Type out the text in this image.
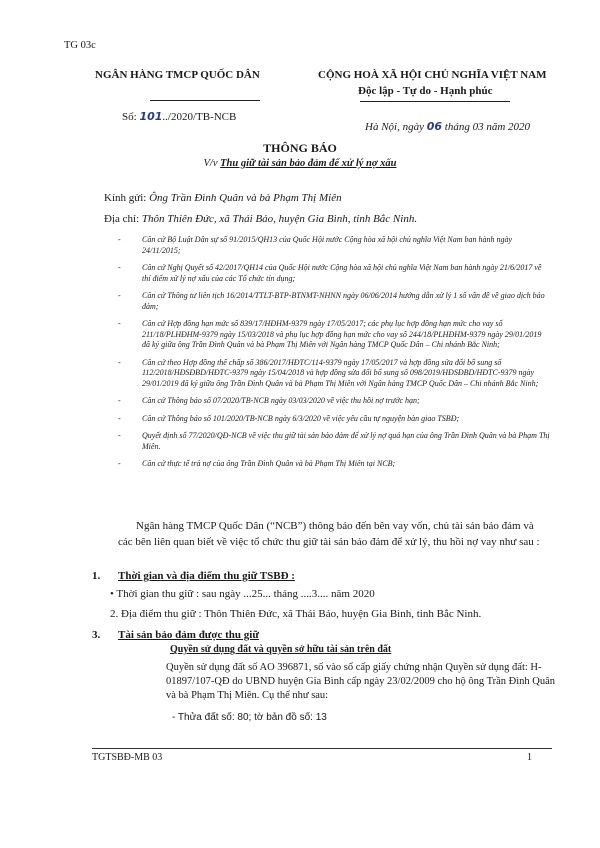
TG 03c
NGÂN HÀNG TMCP QUỐC DÂN	CỘNG HOÀ XÃ HỘI CHỦ NGHĨA VIỆT NAM
Độc lập - Tự do - Hạnh phúc
Số: 101../2020/TB-NCB
Hà Nội, ngày 06 tháng 03 năm 2020
THÔNG BÁO
V/v Thu giữ tài sản bảo đảm để xử lý nợ xấu
Kính gửi: Ông Trần Đình Quân và bà Phạm Thị Miên
Địa chỉ: Thôn Thiên Đức, xã Thái Bảo, huyện Gia Bình, tỉnh Bắc Ninh.
-	Căn cứ Bộ Luật Dân sự số 91/2015/QH13 của Quốc Hội nước Cộng hòa xã hội chủ nghĩa Việt Nam ban hành ngày 24/11/2015;
-	Căn cứ Nghị Quyết số 42/2017/QH14 của Quốc Hội nước Cộng hòa xã hội chủ nghĩa Việt Nam ban hành ngày 21/6/2017 về thí điểm xử lý nợ xấu của các Tổ chức tín dụng;
-	Căn cứ Thông tư liên tịch 16/2014/TTLT-BTP-BTNMT-NHNN ngày 06/06/2014 hướng dẫn xử lý 1 số vấn đề về giao dịch bảo đảm;
-	Căn cứ Hợp đồng hạn mức số 839/17/HĐHM-9379 ngày 17/05/2017; các phụ lục hợp đồng hạn mức cho vay số 211/18/PLHĐHM-9379 ngày 15/03/2018 và phụ lục hợp đồng hạn mức cho vay số 244/18/PLHĐHM-9379 ngày 29/01/2019 đã ký giữa ông Trần Đình Quân và bà Phạm Thị Miên với Ngân hàng TMCP Quốc Dân – Chi nhánh Bắc Ninh;
-	Căn cứ theo Hợp đồng thế chấp số 386/2017/HĐTC/114-9379 ngày 17/05/2017 và hợp đồng sửa đổi bổ sung số 112/2018/HĐSĐBD/HĐTC-9379 ngày 15/04/2018 và hợp đồng sửa đổi bổ sung số 098/2019/HĐSĐBD/HĐTC-9379 ngày 29/01/2019 đã ký giữa ông Trần Đình Quân và bà Phạm Thị Miên với Ngân hàng TMCP Quốc Dân – Chi nhánh Bắc Ninh;
-	Căn cứ Thông báo số 07/2020/TB-NCB ngày 03/03/2020 về việc thu hồi nợ trước hạn;
-	Căn cứ Thông báo số 101/2020/TB-NCB ngày 6/3/2020 về việc yêu cầu tự nguyện bàn giao TSBĐ;
-	Quyết định số 77/2020/QĐ-NCB về việc thu giữ tài sản bảo đảm để xử lý nợ quá hạn của ông Trần Đình Quân và bà Phạm Thị Miên.
-	Căn cứ thực tế trả nợ của ông Trần Đình Quân và bà Phạm Thị Miên tại NCB;
Ngân hàng TMCP Quốc Dân (“NCB”) thông báo đến bên vay vốn, chủ tài sản bảo đảm và các bên liên quan biết về việc tổ chức thu giữ tài sản bảo đảm để xử lý, thu hồi nợ vay như sau :
1. Thời gian và địa điểm thu giữ TSBĐ :
• Thời gian thu giữ : sau ngày ...25... tháng ....3.... năm 2020
2. Địa điểm thu giữ : Thôn Thiên Đức, xã Thái Bảo, huyện Gia Bình, tỉnh Bắc Ninh.
3. Tài sản bảo đảm được thu giữ
Quyền sử dụng đất và quyền sở hữu tài sản trên đất
Quyền sử dụng đất số AO 396871, số vào sổ cấp giấy chứng nhận Quyền sử dụng đất: H-01897/107-QĐ do UBND huyện Gia Bình cấp ngày 23/02/2009 cho hộ ông Trần Đình Quân và bà Phạm Thị Miên. Cụ thể như sau:
- Thửa đất số: 80; tờ bản đồ số: 13
TGTSBĐ-MB 03	1
